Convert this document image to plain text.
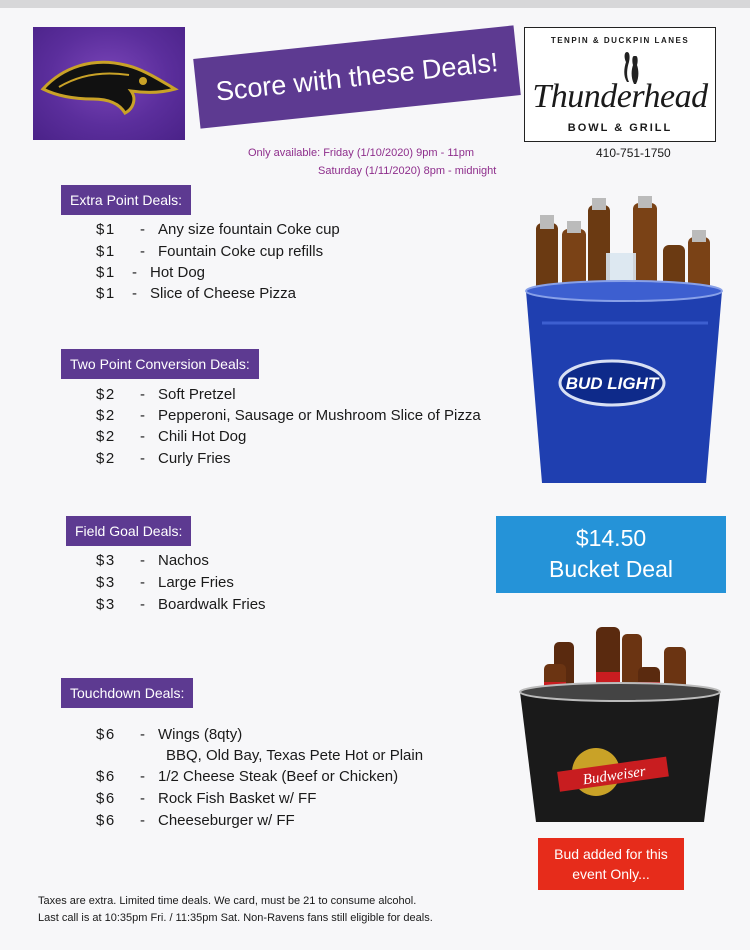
Score with these Deals!
TENPIN & DUCKPIN LANES
Thunderhead
BOWL & GRILL
410-751-1750
Only available: Friday (1/10/2020) 9pm - 11pm
Saturday (1/11/2020) 8pm - midnight
Extra Point Deals:
$1 - Any size fountain Coke cup
$1 - Fountain Coke cup refills
$1 - Hot Dog
$1 - Slice of Cheese Pizza
Two Point Conversion Deals:
$2 - Soft Pretzel
$2 - Pepperoni, Sausage or Mushroom Slice of Pizza
$2 - Chili Hot Dog
$2 - Curly Fries
Field Goal Deals:
$3 - Nachos
$3 - Large Fries
$3 - Boardwalk Fries
Touchdown Deals:
$6 - Wings (8qty)
BBQ, Old Bay, Texas Pete Hot or Plain
$6 - 1/2 Cheese Steak (Beef or Chicken)
$6 - Rock Fish Basket w/ FF
$6 - Cheeseburger w/ FF
BUD LIGHT
$14.50
Bucket Deal
Budweiser
Bud added for this
event Only...
Taxes are extra. Limited time deals. We card, must be 21 to consume alcohol.
Last call is at 10:35pm Fri. / 11:35pm Sat. Non-Ravens fans still eligible for deals.
